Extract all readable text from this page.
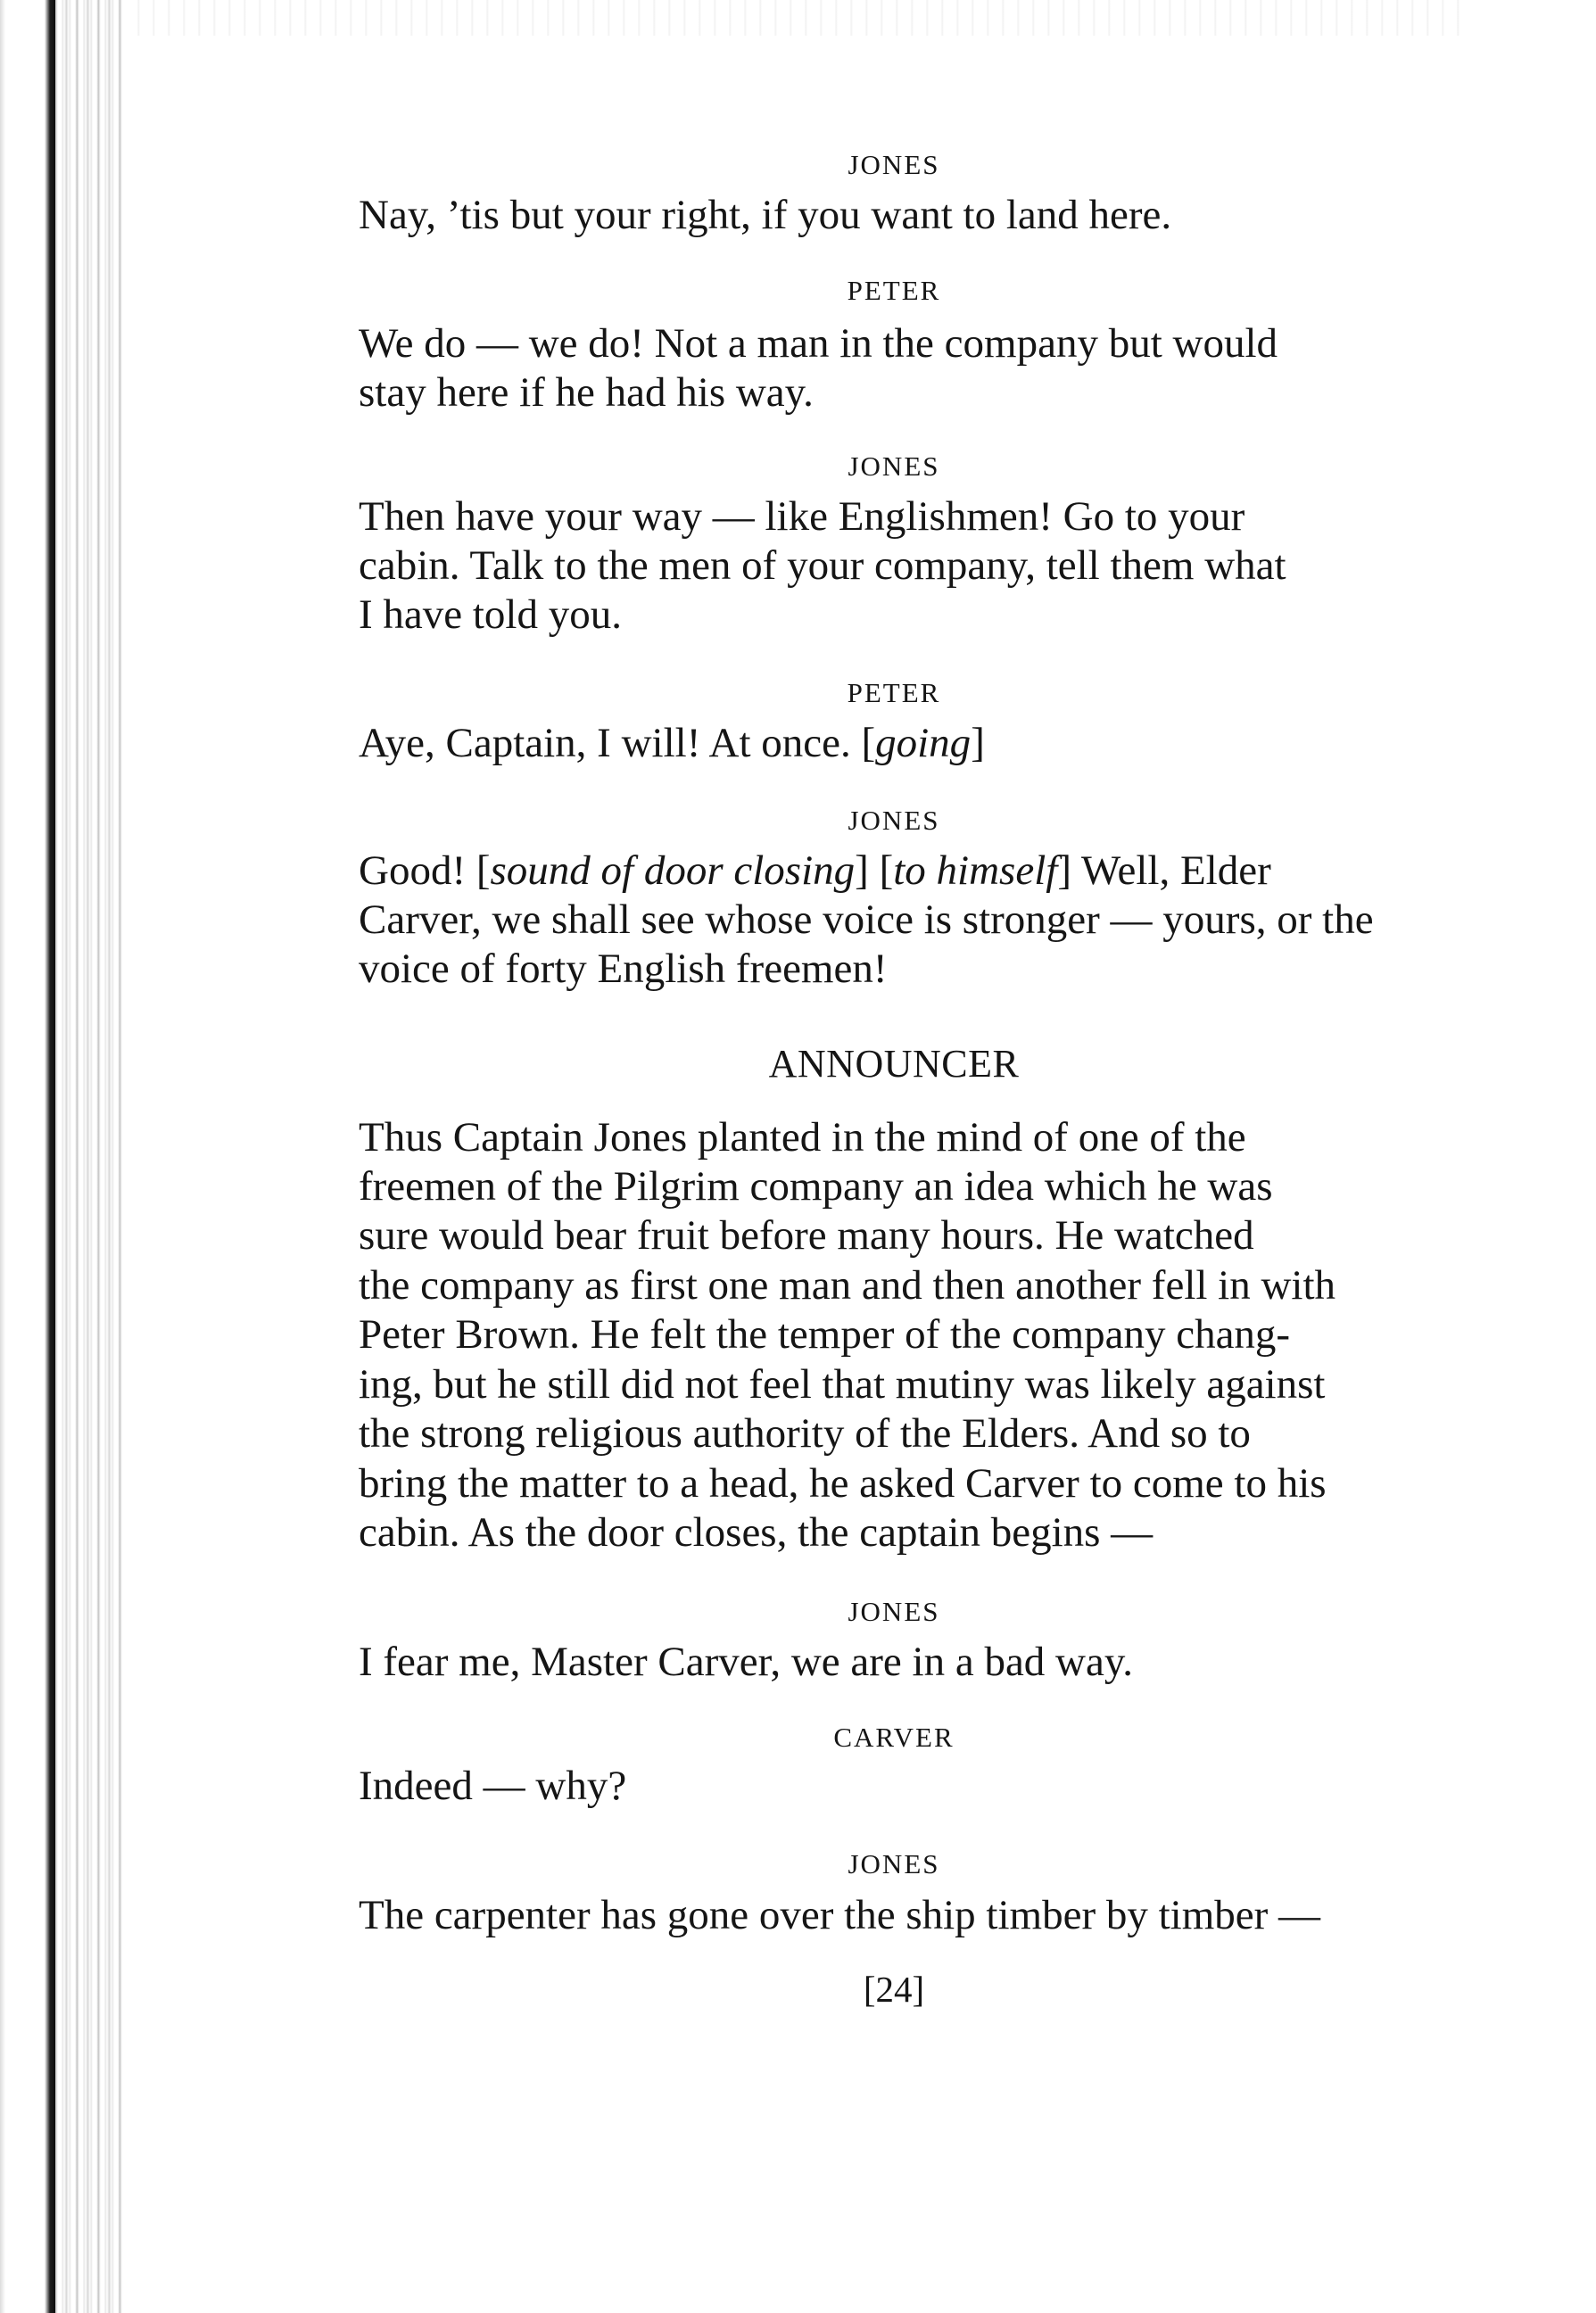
JONES

Nay, ’tis but your right, if you want to land here.

PETER

We do — we do! Not a man in the company but would

stay here if he had his way.

JONES

Then have your way — like Englishmen! Go to your

cabin. Talk to the men of your company, tell them what

I have told you.

PETER

Aye, Captain, I will! At once. [going]

JONES

Good! [sound of door closing] [to himself] Well, Elder

Carver, we shall see whose voice is stronger — yours, or the

voice of forty English freemen!

ANNOUNCER

Thus Captain Jones planted in the mind of one of the

freemen of the Pilgrim company an idea which he was

sure would bear fruit before many hours. He watched

the company as first one man and then another fell in with

Peter Brown. He felt the temper of the company chang-

ing, but he still did not feel that mutiny was likely against

the strong religious authority of the Elders. And so to

bring the matter to a head, he asked Carver to come to his

cabin. As the door closes, the captain begins —

JONES

I fear me, Master Carver, we are in a bad way.

CARVER

Indeed — why?

JONES

The carpenter has gone over the ship timber by timber —

[24]
